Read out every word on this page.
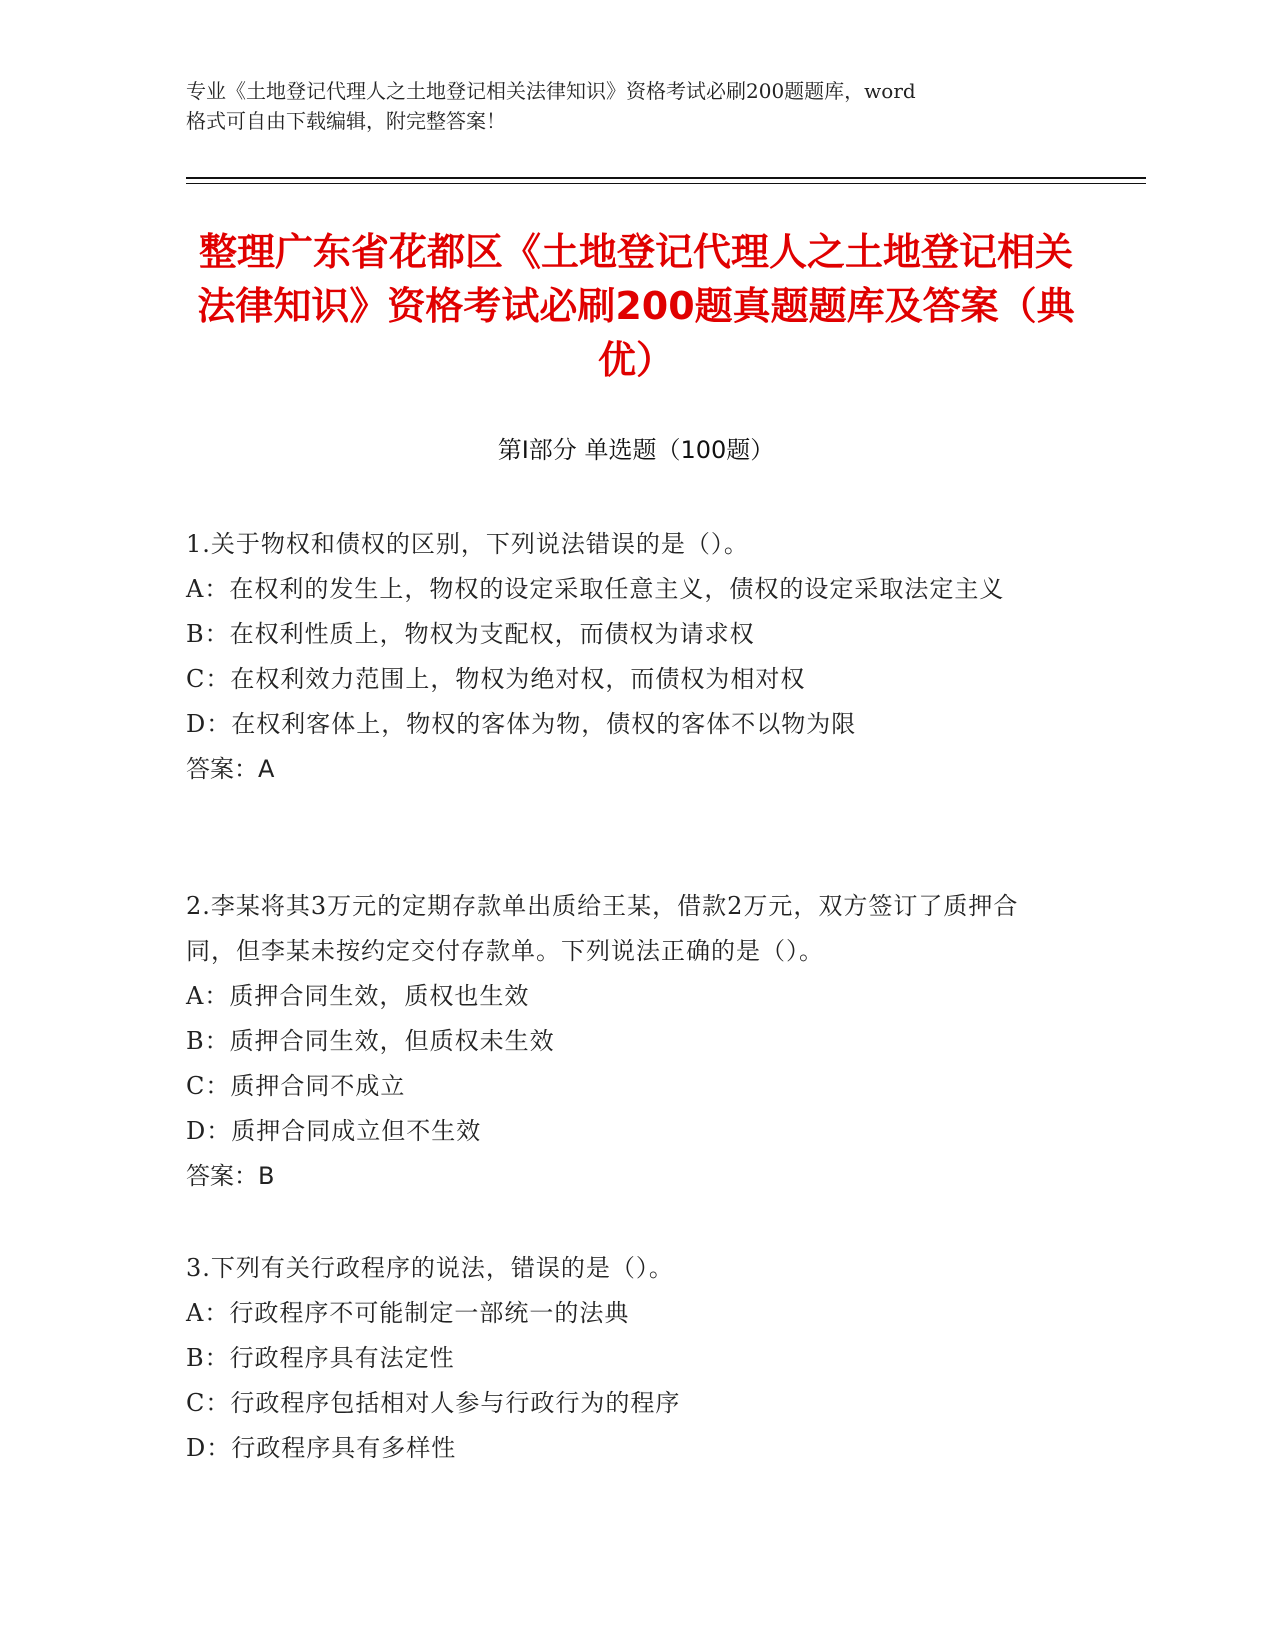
专业《土地登记代理人之土地登记相关法律知识》资格考试必刷200题题库，word
格式可自由下载编辑，附完整答案！
整理广东省花都区《土地登记代理人之土地登记相关法律知识》资格考试必刷200题真题题库及答案（典优）
第Ⅰ部分 单选题（100题）
1.关于物权和债权的区别，下列说法错误的是（）。
A：在权利的发生上，物权的设定采取任意主义，债权的设定采取法定主义
B：在权利性质上，物权为支配权，而债权为请求权
C：在权利效力范围上，物权为绝对权，而债权为相对权
D：在权利客体上，物权的客体为物，债权的客体不以物为限
答案：A
2.李某将其3万元的定期存款单出质给王某，借款2万元，双方签订了质押合同，但李某未按约定交付存款单。下列说法正确的是（）。
A：质押合同生效，质权也生效
B：质押合同生效，但质权未生效
C：质押合同不成立
D：质押合同成立但不生效
答案：B
3.下列有关行政程序的说法，错误的是（）。
A：行政程序不可能制定一部统一的法典
B：行政程序具有法定性
C：行政程序包括相对人参与行政行为的程序
D：行政程序具有多样性
